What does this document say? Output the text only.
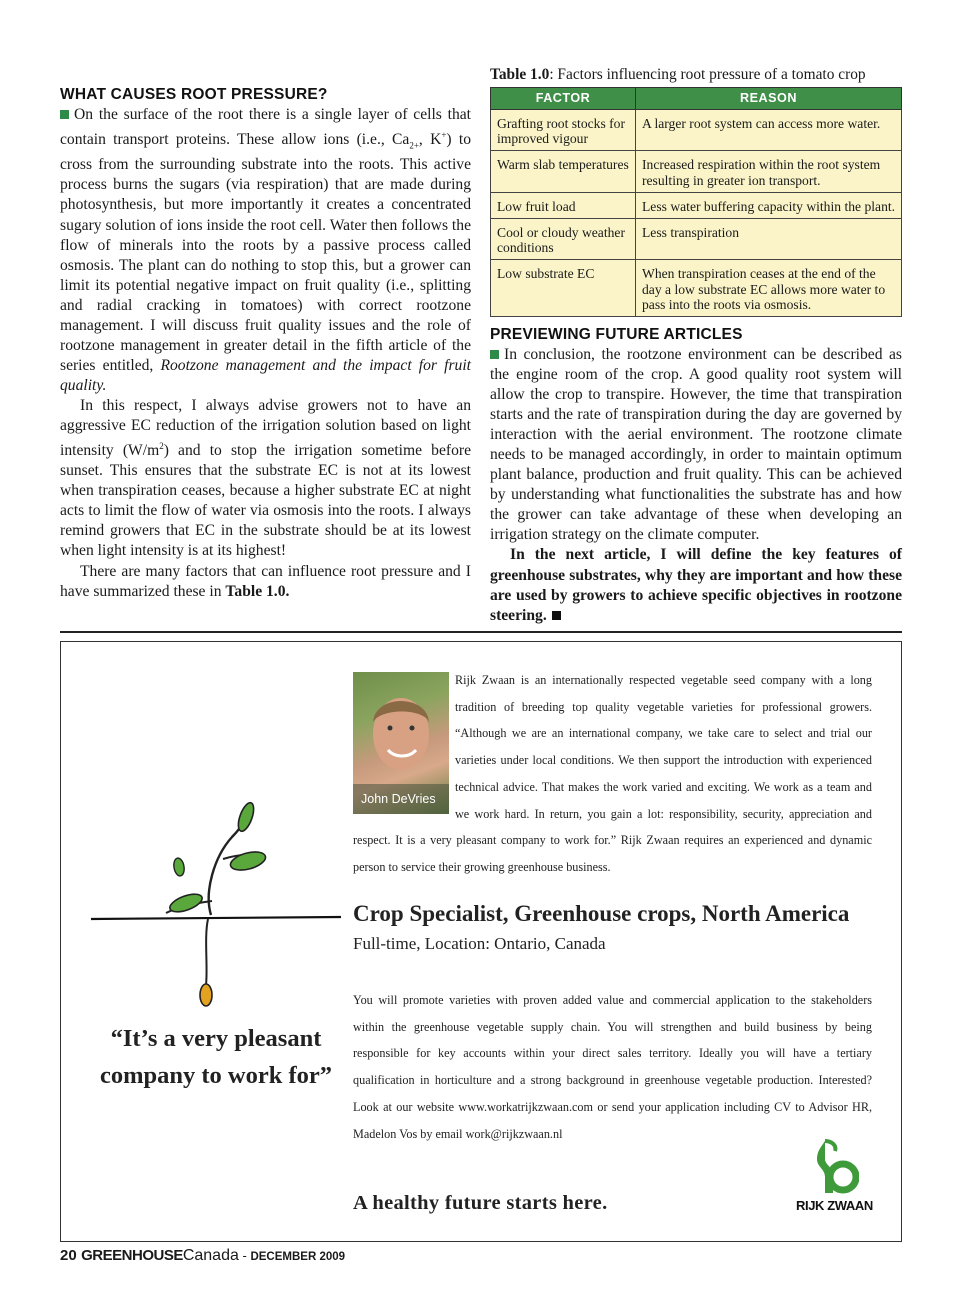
WHAT CAUSES ROOT PRESSURE?

On the surface of the root there is a single layer of cells that contain transport proteins. These allow ions (i.e., $Ca_{2+}$, K+) to cross from the surrounding substrate into the roots. This active process burns the sugars (via respiration) that are made during photosynthesis, but more importantly it creates a concentrated sugary solution of ions inside the root cell. Water then follows the flow of minerals into the roots by a passive process called osmosis. The plant can do nothing to stop this, but a grower can limit its potential negative impact on fruit quality (i.e., splitting and radial cracking in tomatoes) with correct rootzone management. I will discuss fruit quality issues and the role of rootzone management in greater detail in the fifth article of the series entitled, Rootzone management and the impact for fruit quality.

In this respect, I always advise growers not to have an aggressive EC reduction of the irrigation solution based on light intensity $(W/m^2)$ and to stop the irrigation sometime before sunset. This ensures that the substrate EC is not at its lowest when transpiration ceases, because a higher substrate EC at night acts to limit the flow of water via osmosis into the roots. I always remind growers that EC in the substrate should be at its lowest when light intensity is at its highest!

There are many factors that can influence root pressure and I have summarized these in Table 1.0.

Table 1.0: Factors influencing root pressure of a tomato crop
FACTOR	REASON
Grafting root stocks for improved vigour	A larger root system can access more water.
Warm slab temperatures	Increased respiration within the root system resulting in greater ion transport.
Low fruit load	Less water buffering capacity within the plant.
Cool or cloudy weather conditions	Less transpiration
Low substrate EC	When transpiration ceases at the end of the day a low substrate EC allows more water to pass into the roots via osmosis.
PREVIEWING FUTURE ARTICLES

In conclusion, the rootzone environment can be described as the engine room of the crop. A good quality root system will allow the crop to transpire. However, the time that transpiration starts and the rate of transpiration during the day are governed by interaction with the aerial environment. The rootzone climate needs to be managed accordingly, in order to maintain optimum plant balance, production and fruit quality. This can be achieved by understanding what functionalities the substrate has and how the grower can take advantage of these when developing an irrigation strategy on the climate computer.

In the next article, I will define the key features of greenhouse substrates, why they are important and how these are used by growers to achieve specific objectives in rootzone steering.

“It’s a very pleasant
company to work for”
John DeVries
Rijk Zwaan is an internationally respected vegetable seed company with a long tradition of breeding top quality vegetable varieties for professional growers. “Although we are an international company, we take care to select and trial our varieties under local conditions. We then support the introduction with experienced technical advice. That makes the work varied and exciting. We work as a team and we work hard. In return, you gain a lot: responsibility, security, appreciation and respect. It is a very pleasant company to work for.” Rijk Zwaan requires an experienced and dynamic person to service their growing greenhouse business.
Crop Specialist, Greenhouse crops, North America
Full-time, Location: Ontario, Canada
You will promote varieties with proven added value and commercial application to the stakeholders within the greenhouse vegetable supply chain. You will strengthen and build business by being responsible for key accounts within your direct sales territory. Ideally you will have a tertiary qualification in horticulture and a strong background in greenhouse vegetable production. Interested? Look at our website www.workatrijkzwaan.com or send your application including CV to Advisor HR, Madelon Vos by email work@rijkzwaan.nl
A healthy future starts here.	RIJK ZWAAN
20 GREENHOUSECanada - DECEMBER 2009
